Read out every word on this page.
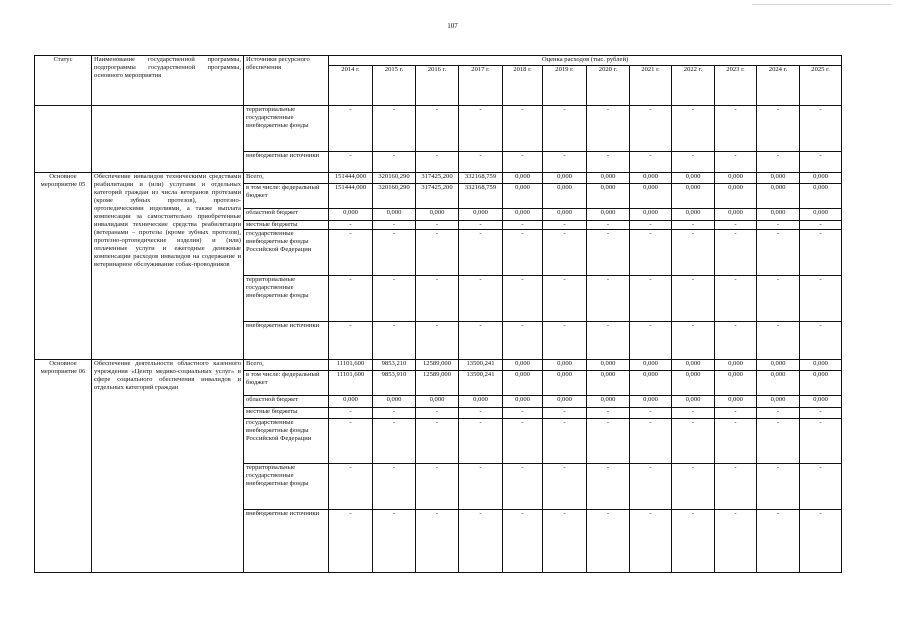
107
Статус	Наименование государственной программы, подпрограммы государственной программы, основного мероприятия	Источники ресурсного обеспечения	Оценка расходов (тыс. рублей)											
			2014 г.	2015 г.	2016 г.	2017 г.	2018 г.	2019 г.	2020 г.	2021 г.	2022 г.	2023 г.	2024 г.	2025 г.
		территориальные государственные внебюджетные фонды	-	-	-	-	-	-	-	-	-	-	-	-
		внебюджетные источники	-	-	-	-	-	-	-	-	-	-	-	-
Основное мероприятие 05	Обеспечение инвалидов техническими средствами реабилитации и (или) услугами и отдельных категорий граждан из числа ветеранов протезами (кроме зубных протезов), протезно-ортопедическими изделиями, а также выплата компенсации за самостоятельно приобретенные инвалидами технические средства реабилитации (ветеранами – протезы (кроме зубных протезов), протезно-ортопедические изделия) и (или) оплаченные услуги и ежегодные денежные компенсации расходов инвалидов на содержание и ветеринарное обслуживание собак-проводников	Всего,	151444,000	320160,290	317425,200	332168,759	0,000	0,000	0,000	0,000	0,000	0,000	0,000	0,000
		в том числе: федеральный бюджет	151444,000	320160,290	317425,200	332168,759	0,000	0,000	0,000	0,000	0,000	0,000	0,000	0,000
		областной бюджет	0,000	0,000	0,000	0,000	0,000	0,000	0,000	0,000	0,000	0,000	0,000	0,000
		местные бюджеты	-	-	-	-	-	-	-	-	-	-	-	-
		государственные внебюджетные фонды Российской Федерации	-	-	-	-	-	-	-	-	-	-	-	-
		территориальные государственные внебюджетные фонды	-	-	-	-	-	-	-	-	-	-	-	-
		внебюджетные источники	-	-	-	-	-	-	-	-	-	-	-	-
Основное мероприятие 06	Обеспечение деятельности областного казенного учреждения «Центр медико-социальных услуг» в сфере социального обеспечения инвалидов и отдельных категорий граждан	Всего,	11101,600	9853,210	12589,000	13500,241	0,000	0,000	0,000	0,000	0,000	0,000	0,000	0,000
		в том числе: федеральный бюджет	11101,600	9853,910	12589,000	13500,241	0,000	0,000	0,000	0,000	0,000	0,000	0,000	0,000
		областной бюджет	0,000	0,000	0,000	0,000	0,000	0,000	0,000	0,000	0,000	0,000	0,000	0,000
		местные бюджеты	-	-	-	-	-	-	-	-	-	-	-	-
		государственные внебюджетные фонды Российской Федерации	-	-	-	-	-	-	-	-	-	-	-	-
		территориальные государственные внебюджетные фонды	-	-	-	-	-	-	-	-	-	-	-	-
		внебюджетные источники	-	-	-	-	-	-	-	-	-	-	-	-
